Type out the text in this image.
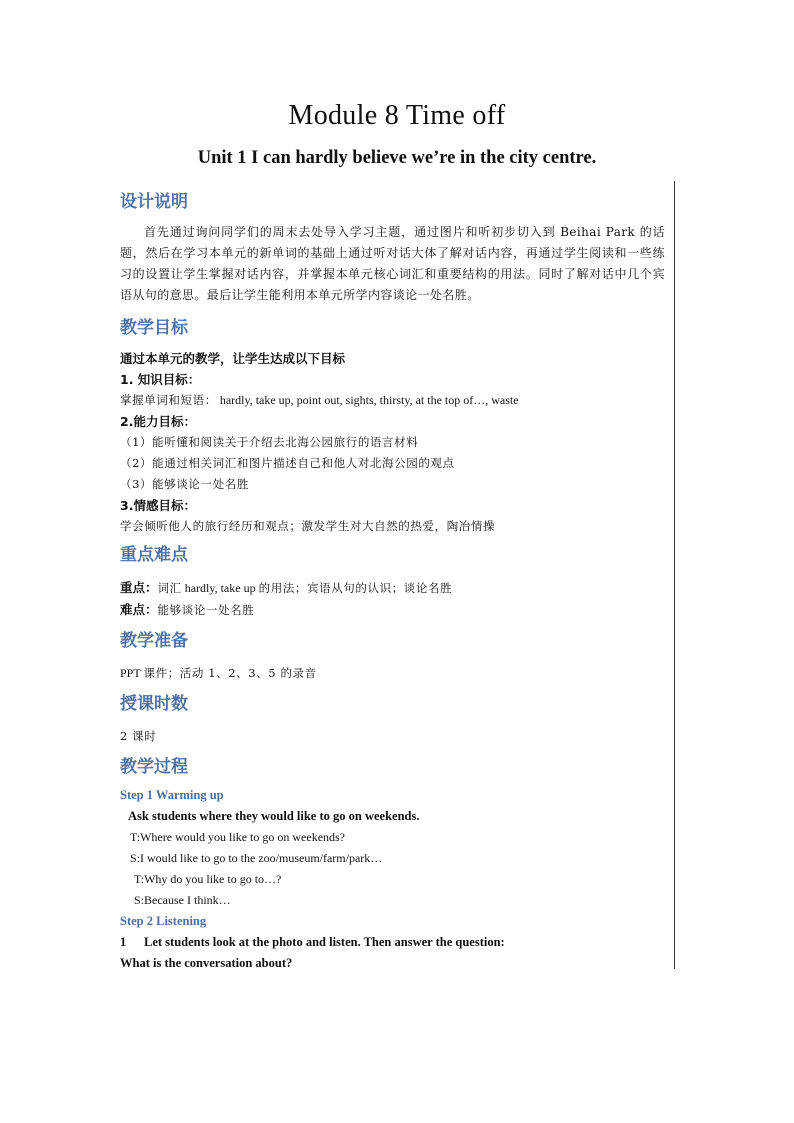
Module 8 Time off
Unit 1 I can hardly believe we’re in the city centre.
设计说明

首先通过询问同学们的周末去处导入学习主题，通过图片和听初步切入到 Beihai Park 的话题，然后在学习本单元的新单词的基础上通过听对话大体了解对话内容，再通过学生阅读和一些练习的设置让学生掌握对话内容，并掌握本单元核心词汇和重要结构的用法。同时了解对话中几个宾语从句的意思。最后让学生能利用本单元所学内容谈论一处名胜。

教学目标

通过本单元的教学，让学生达成以下目标

1. 知识目标：

掌握单词和短语： hardly, take up, point out, sights, thirsty, at the top of…, waste

2.能力目标：

（1）能听懂和阅读关于介绍去北海公园旅行的语言材料

（2）能通过相关词汇和图片描述自己和他人对北海公园的观点

（3）能够谈论一处名胜

3.情感目标：

学会倾听他人的旅行经历和观点；激发学生对大自然的热爱，陶冶情操

重点难点

重点：词汇 hardly, take up 的用法；宾语从句的认识；谈论名胜

难点：能够谈论一处名胜

教学准备

PPT 课件；活动 1、2、3、5 的录音

授课时数

2 课时

教学过程

Step 1 Warming up

Ask students where they would like to go on weekends.

T:Where would you like to go on weekends?

S:I would like to go to the zoo/museum/farm/park…

T:Why do you like to go to…?

S:Because I think…

Step 2 Listening

1 Let students look at the photo and listen. Then answer the question:

What is the conversation about?
